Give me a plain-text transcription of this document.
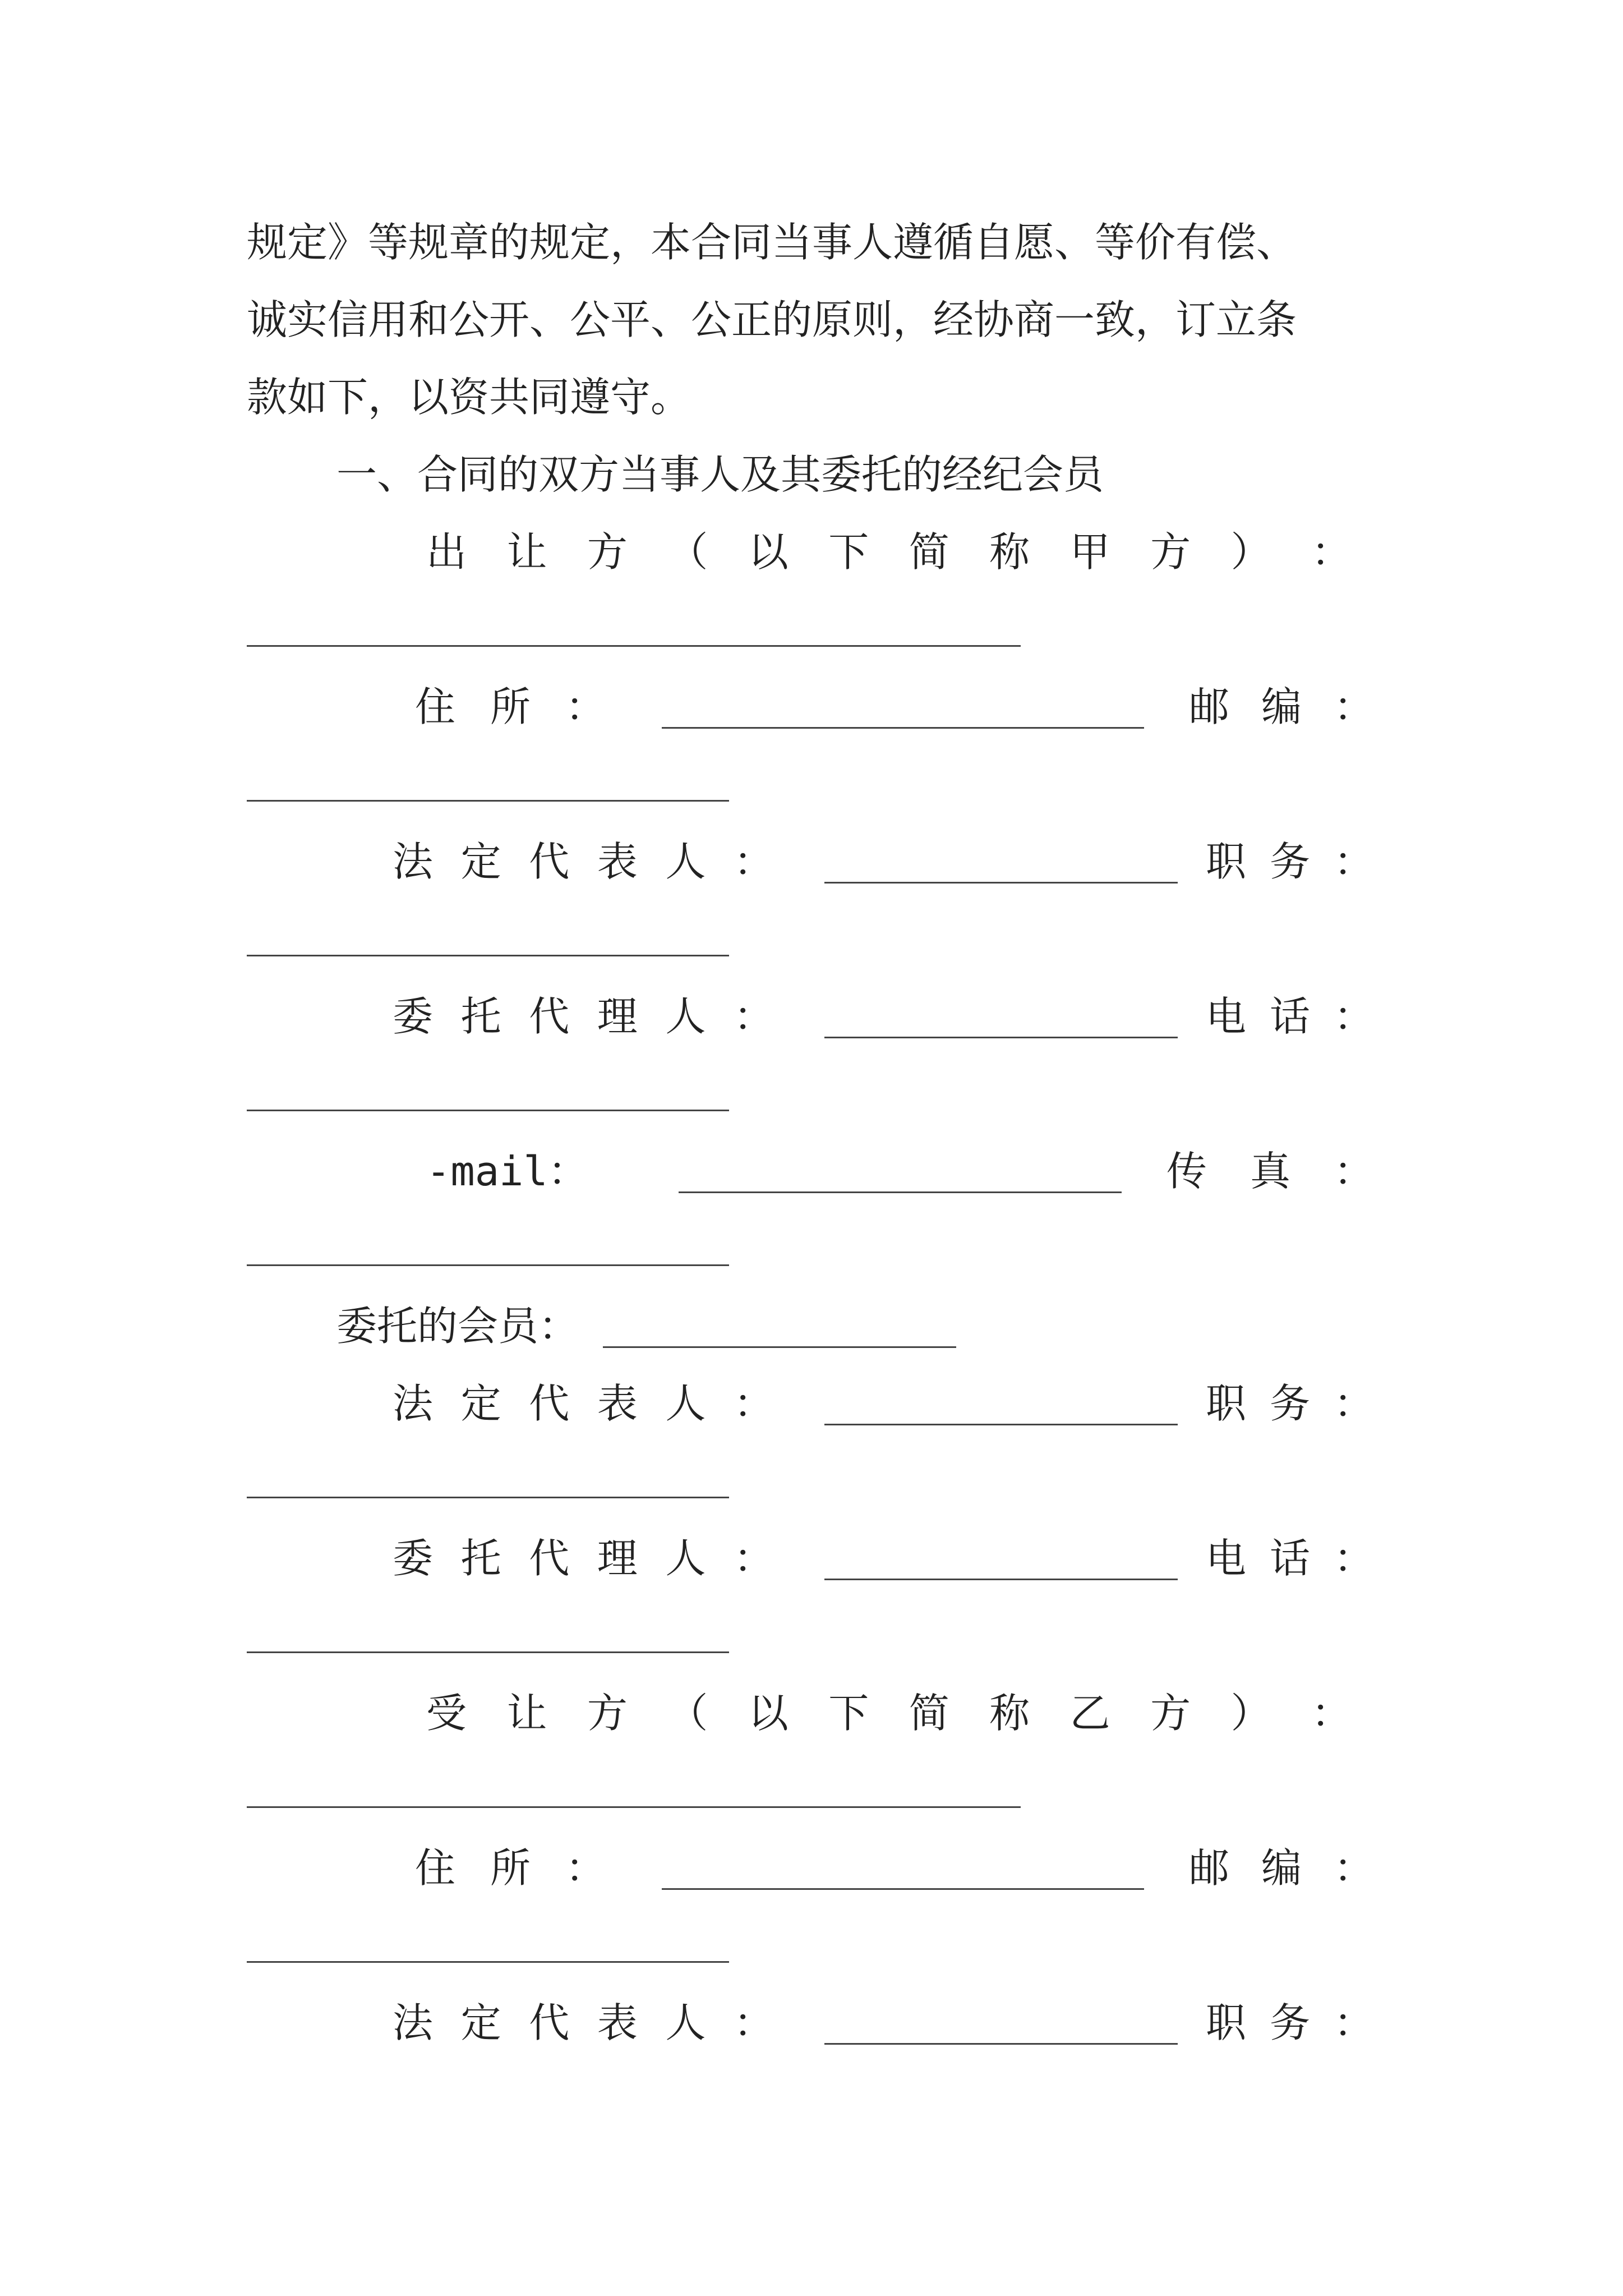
规定》等规章的规定，本合同当事人遵循自愿、等价有偿、
诚实信用和公开、公平、公正的原则，经协商一致，订立条
款如下，以资共同遵守。
一、合同的双方当事人及其委托的经纪会员
出 让 方 （ 以 下 简 称 甲 方 ） ：
住 所 ：	邮 编 ：
法 定 代 表 人 ：	职 务 ：
委 托 代 理 人 ：	电 话 ：
-mail：	传 真 ：
委托的会员：
法 定 代 表 人 ：	职 务 ：
委 托 代 理 人 ：	电 话 ：
受 让 方 （ 以 下 简 称 乙 方 ） ：
住 所 ：	邮 编 ：
法 定 代 表 人 ：	职 务 ：
